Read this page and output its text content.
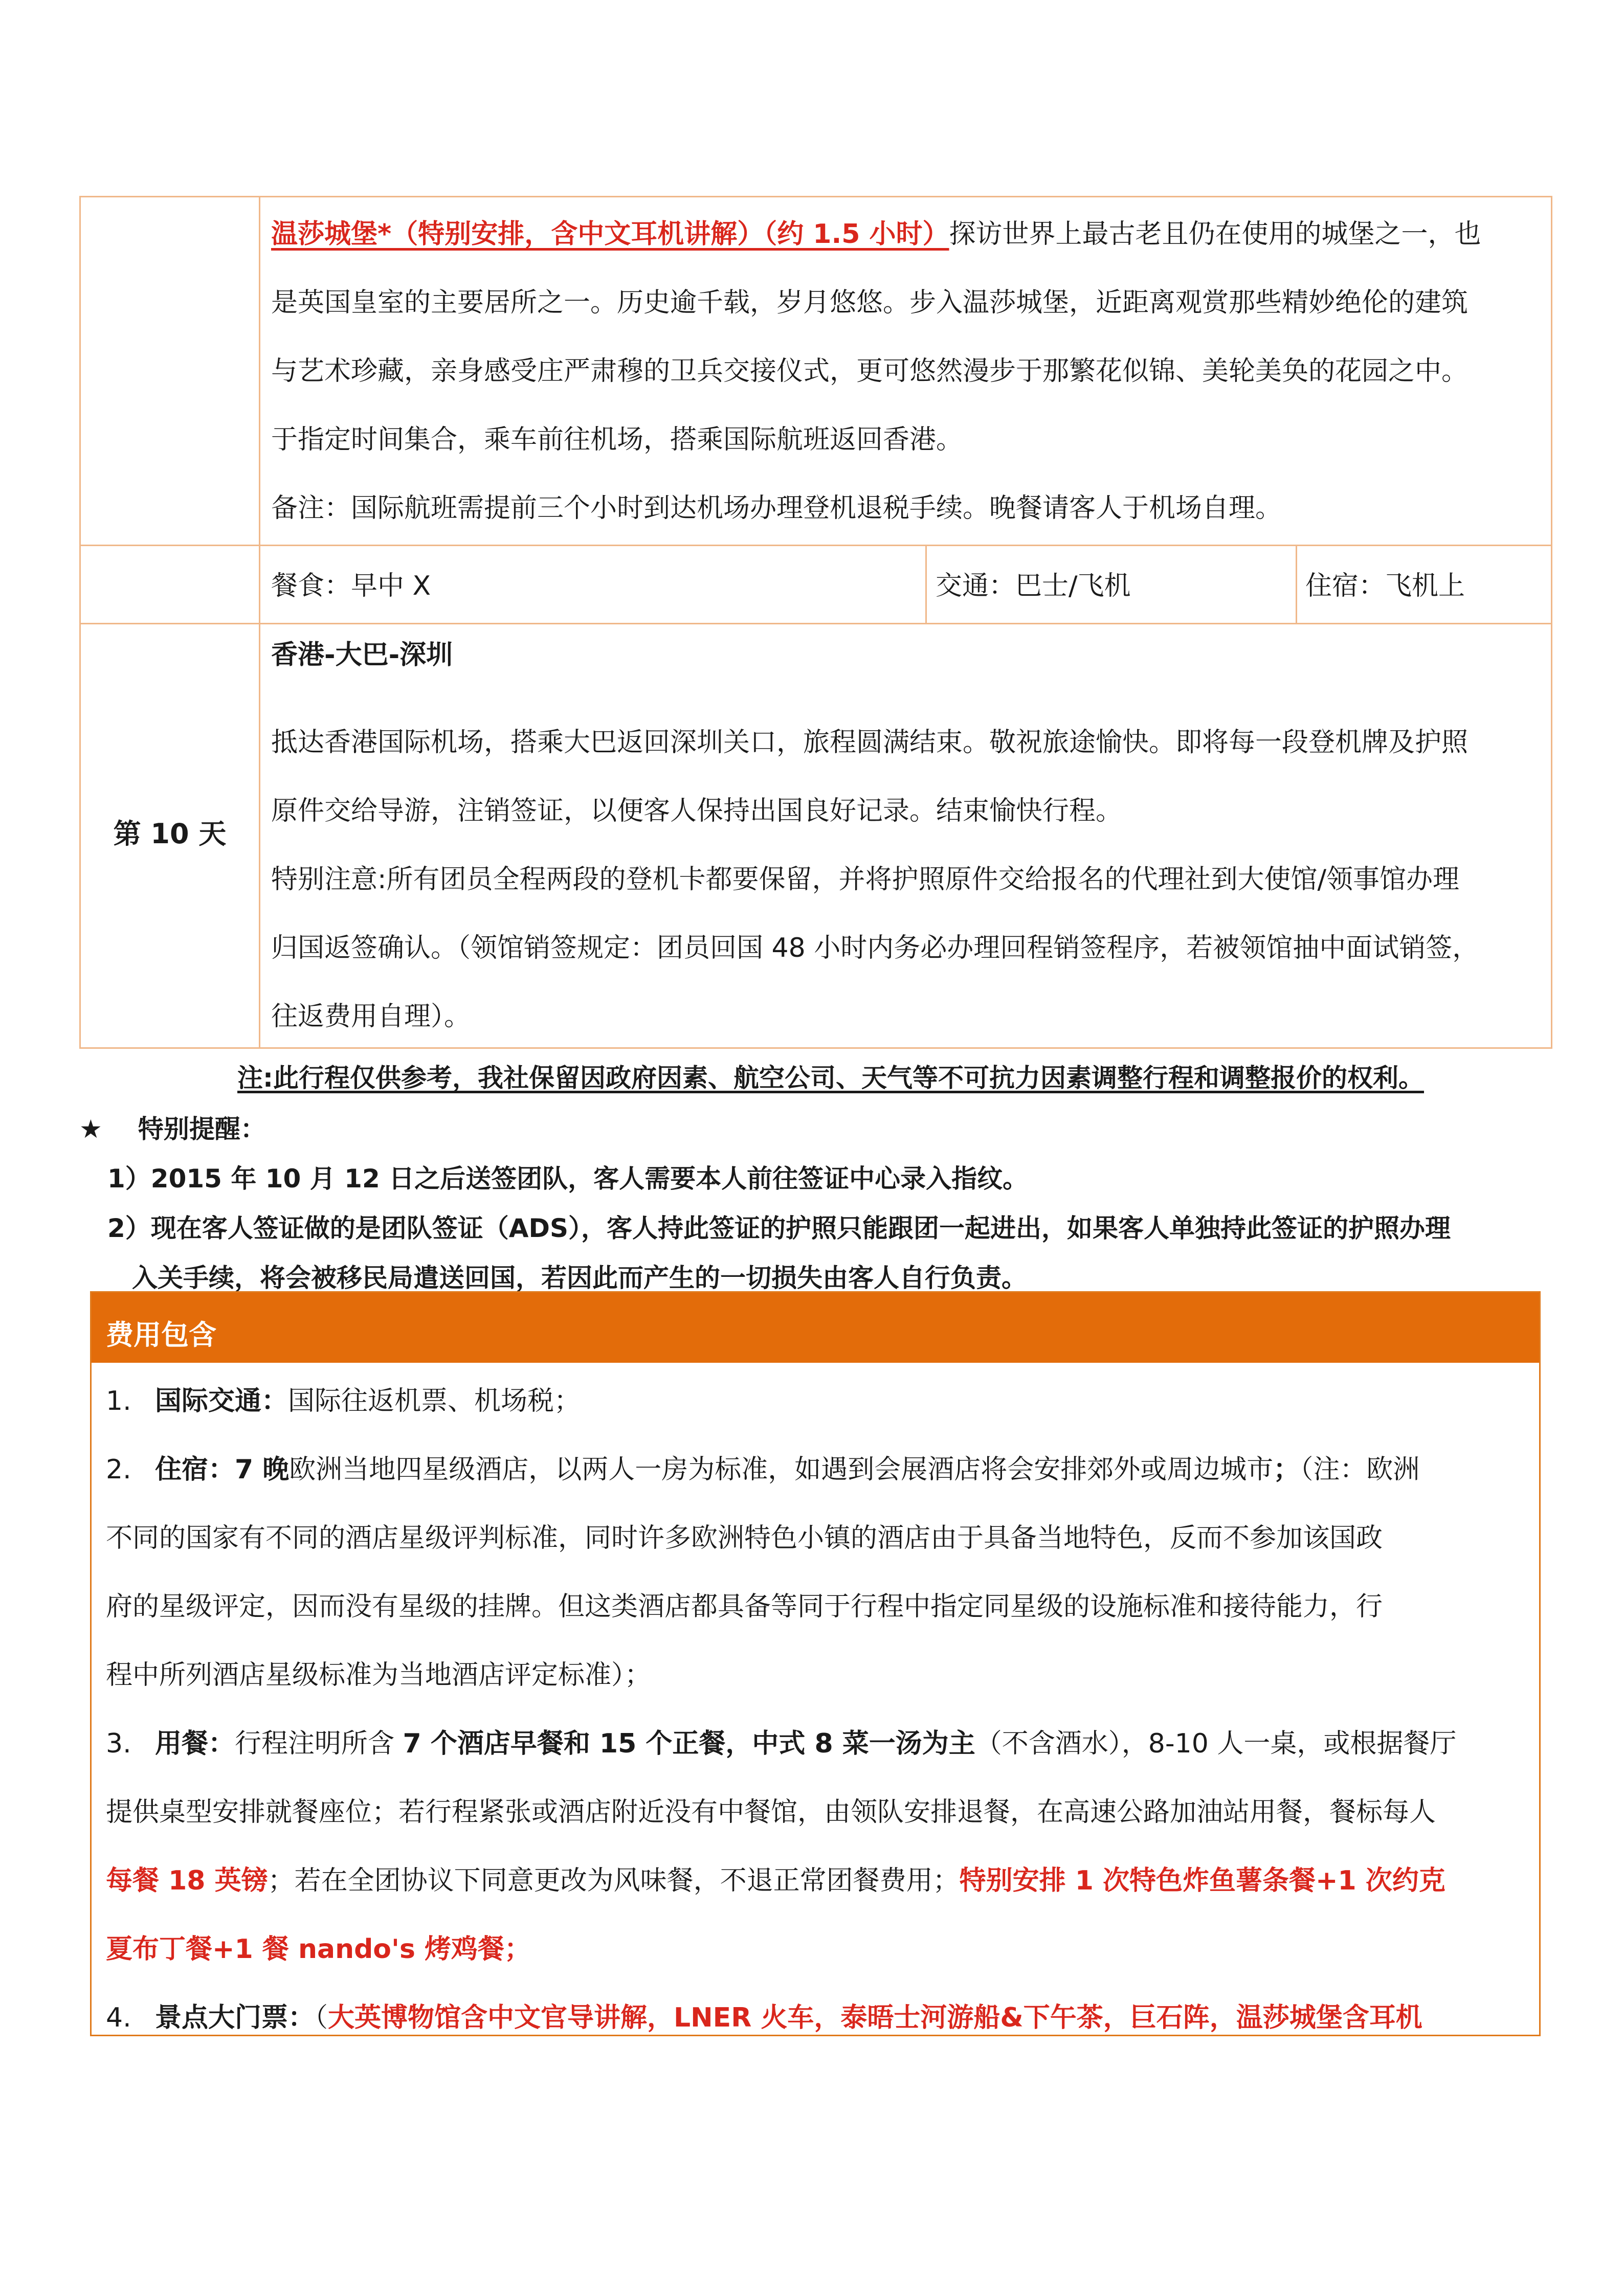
温莎城堡*（特别安排，含中文耳机讲解）（约 1.5 小时）探访世界上最古老且仍在使用的城堡之一，也

是英国皇室的主要居所之一。历史逾千载，岁月悠悠。步入温莎城堡，近距离观赏那些精妙绝伦的建筑

与艺术珍藏，亲身感受庄严肃穆的卫兵交接仪式，更可悠然漫步于那繁花似锦、美轮美奂的花园之中。

于指定时间集合，乘车前往机场，搭乘国际航班返回香港。

备注：国际航班需提前三个小时到达机场办理登机退税手续。晚餐请客人于机场自理。

餐食：早中 X	交通：巴士/飞机	住宿：飞机上
第 10 天

香港-大巴-深圳

抵达香港国际机场，搭乘大巴返回深圳关口，旅程圆满结束。敬祝旅途愉快。即将每一段登机牌及护照

原件交给导游，注销签证，以便客人保持出国良好记录。结束愉快行程。

特别注意:所有团员全程两段的登机卡都要保留，并将护照原件交给报名的代理社到大使馆/领事馆办理

归国返签确认。（领馆销签规定：团员回国 48 小时内务必办理回程销签程序，若被领馆抽中面试销签，

往返费用自理）。

注:此行程仅供参考，我社保留因政府因素、航空公司、天气等不可抗力因素调整行程和调整报价的权利。
★ 特别提醒：
1）2015 年 10 月 12 日之后送签团队，客人需要本人前往签证中心录入指纹。
2）现在客人签证做的是团队签证（ADS），客人持此签证的护照只能跟团一起进出，如果客人单独持此签证的护照办理
入关手续，将会被移民局遣送回国，若因此而产生的一切损失由客人自行负责。
费用包含

1. 国际交通：国际往返机票、机场税；

2. 住宿：7 晚欧洲当地四星级酒店，以两人一房为标准，如遇到会展酒店将会安排郊外或周边城市；（注：欧洲

不同的国家有不同的酒店星级评判标准，同时许多欧洲特色小镇的酒店由于具备当地特色，反而不参加该国政

府的星级评定，因而没有星级的挂牌。但这类酒店都具备等同于行程中指定同星级的设施标准和接待能力，行

程中所列酒店星级标准为当地酒店评定标准）；

3. 用餐：行程注明所含 7 个酒店早餐和 15 个正餐，中式 8 菜一汤为主（不含酒水），8-10 人一桌，或根据餐厅

提供桌型安排就餐座位；若行程紧张或酒店附近没有中餐馆，由领队安排退餐，在高速公路加油站用餐，餐标每人

每餐 18 英镑；若在全团协议下同意更改为风味餐，不退正常团餐费用；特别安排 1 次特色炸鱼薯条餐+1 次约克

夏布丁餐+1 餐 nando's 烤鸡餐；

4. 景点大门票：（大英博物馆含中文官导讲解，LNER 火车，泰晤士河游船&下午茶，巨石阵，温莎城堡含耳机
